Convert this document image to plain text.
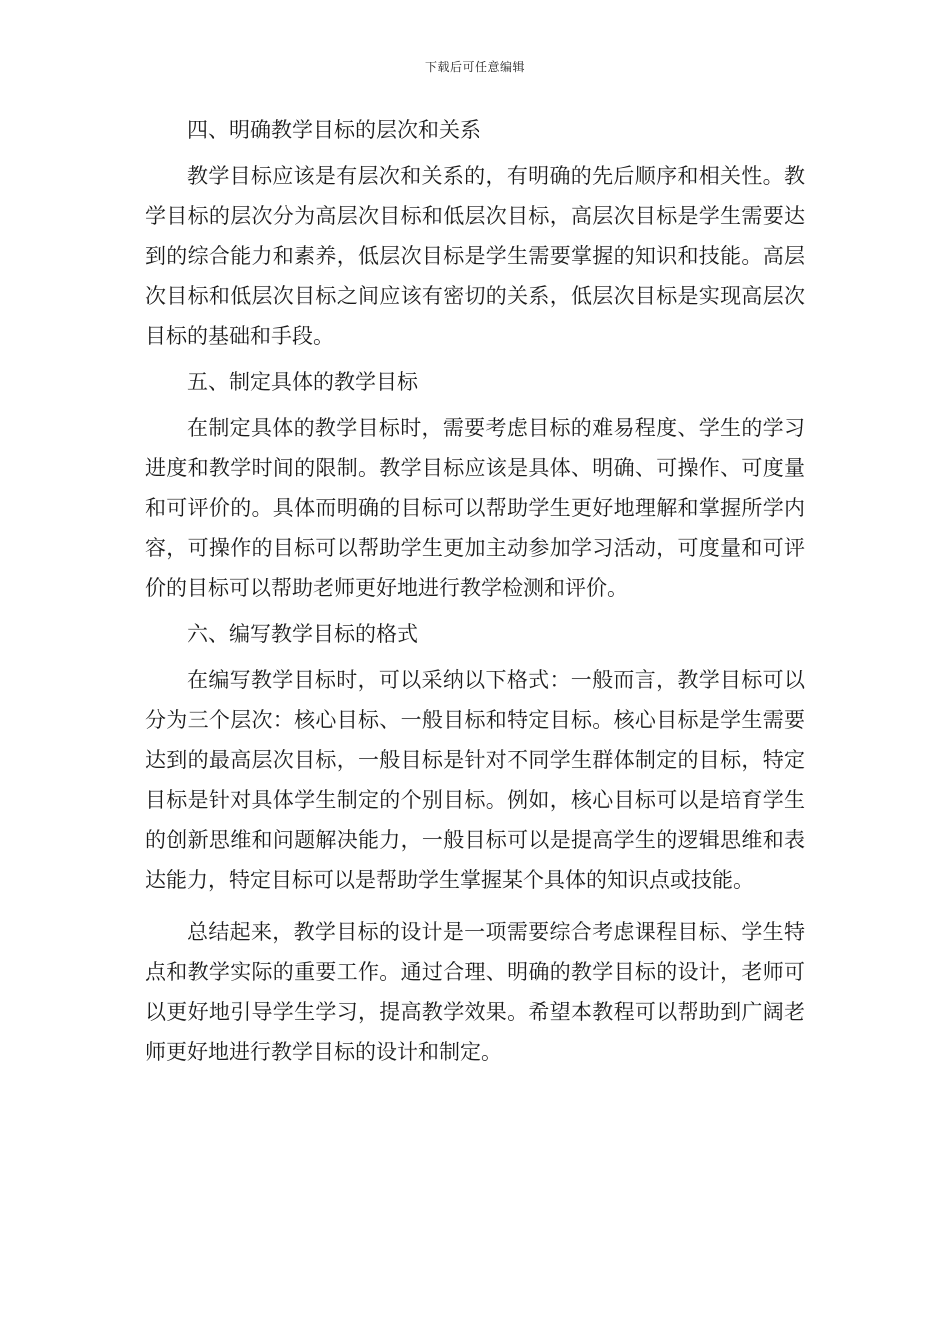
下载后可任意编辑

四、明确教学目标的层次和关系

教学目标应该是有层次和关系的，有明确的先后顺序和相关性。教学目标的层次分为高层次目标和低层次目标，高层次目标是学生需要达到的综合能力和素养，低层次目标是学生需要掌握的知识和技能。高层次目标和低层次目标之间应该有密切的关系，低层次目标是实现高层次目标的基础和手段。

五、制定具体的教学目标

在制定具体的教学目标时，需要考虑目标的难易程度、学生的学习进度和教学时间的限制。教学目标应该是具体、明确、可操作、可度量和可评价的。具体而明确的目标可以帮助学生更好地理解和掌握所学内容，可操作的目标可以帮助学生更加主动参加学习活动，可度量和可评价的目标可以帮助老师更好地进行教学检测和评价。

六、编写教学目标的格式

在编写教学目标时，可以采纳以下格式：一般而言，教学目标可以分为三个层次：核心目标、一般目标和特定目标。核心目标是学生需要达到的最高层次目标，一般目标是针对不同学生群体制定的目标，特定目标是针对具体学生制定的个别目标。例如，核心目标可以是培育学生的创新思维和问题解决能力，一般目标可以是提高学生的逻辑思维和表达能力，特定目标可以是帮助学生掌握某个具体的知识点或技能。

总结起来，教学目标的设计是一项需要综合考虑课程目标、学生特点和教学实际的重要工作。通过合理、明确的教学目标的设计，老师可以更好地引导学生学习，提高教学效果。希望本教程可以帮助到广阔老师更好地进行教学目标的设计和制定。
